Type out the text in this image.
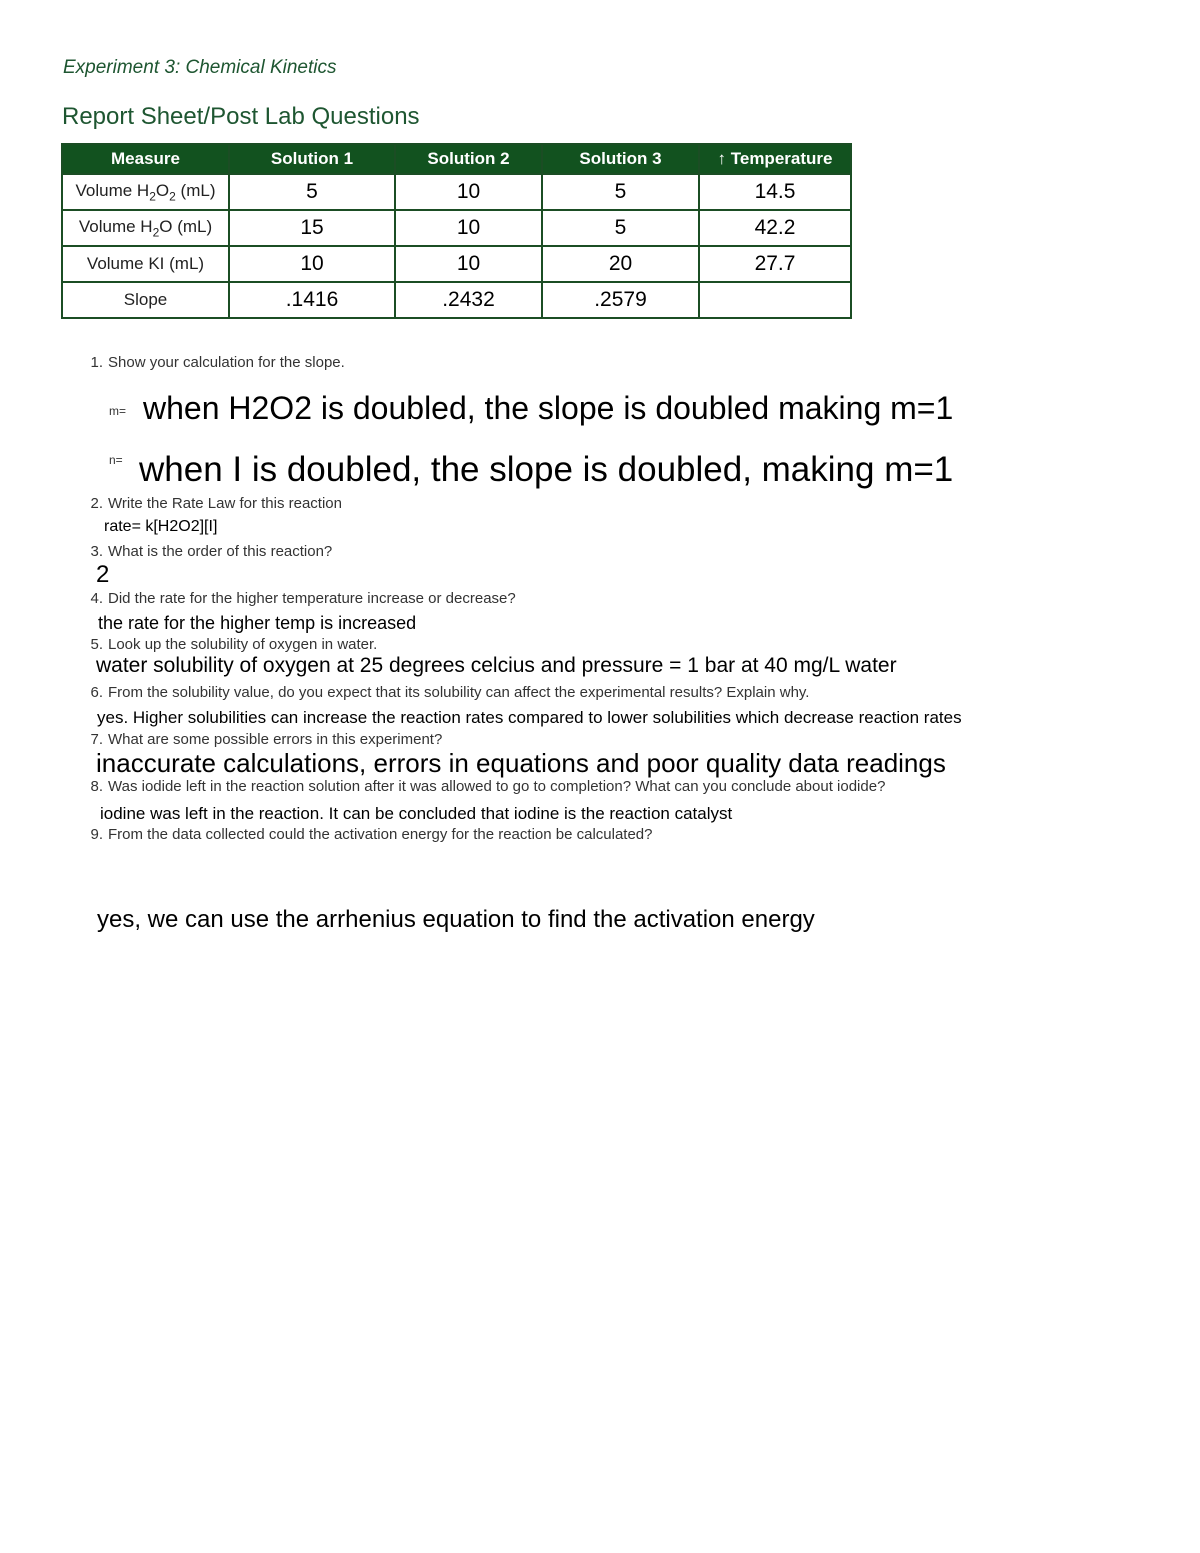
Experiment 3: Chemical Kinetics
Report Sheet/Post Lab Questions
Measure	Solution 1	Solution 2	Solution 3	↑ Temperature
Volume $H_2O_2$ (mL)	5	10	5	14.5
Volume $H_2O$ (mL)	15	10	5	42.2
Volume KI (mL)	10	10	20	27.7
Slope	.1416	.2432	.2579	
1. Show your calculation for the slope.
m= when H2O2 is doubled, the slope is doubled making m=1
n= when I is doubled, the slope is doubled, making m=1
2. Write the Rate Law for this reaction
rate= k[H2O2][I]
3. What is the order of this reaction?
2
4. Did the rate for the higher temperature increase or decrease?
the rate for the higher temp is increased
5. Look up the solubility of oxygen in water.
water solubility of oxygen at 25 degrees celcius and pressure = 1 bar at 40 mg/L water
6. From the solubility value, do you expect that its solubility can affect the experimental results? Explain why.
yes. Higher solubilities can increase the reaction rates compared to lower solubilities which decrease reaction rates
7. What are some possible errors in this experiment?
inaccurate calculations, errors in equations and poor quality data readings
8. Was iodide left in the reaction solution after it was allowed to go to completion? What can you conclude about iodide?
iodine was left in the reaction. It can be concluded that iodine is the reaction catalyst
9. From the data collected could the activation energy for the reaction be calculated?
yes, we can use the arrhenius equation to find the activation energy
